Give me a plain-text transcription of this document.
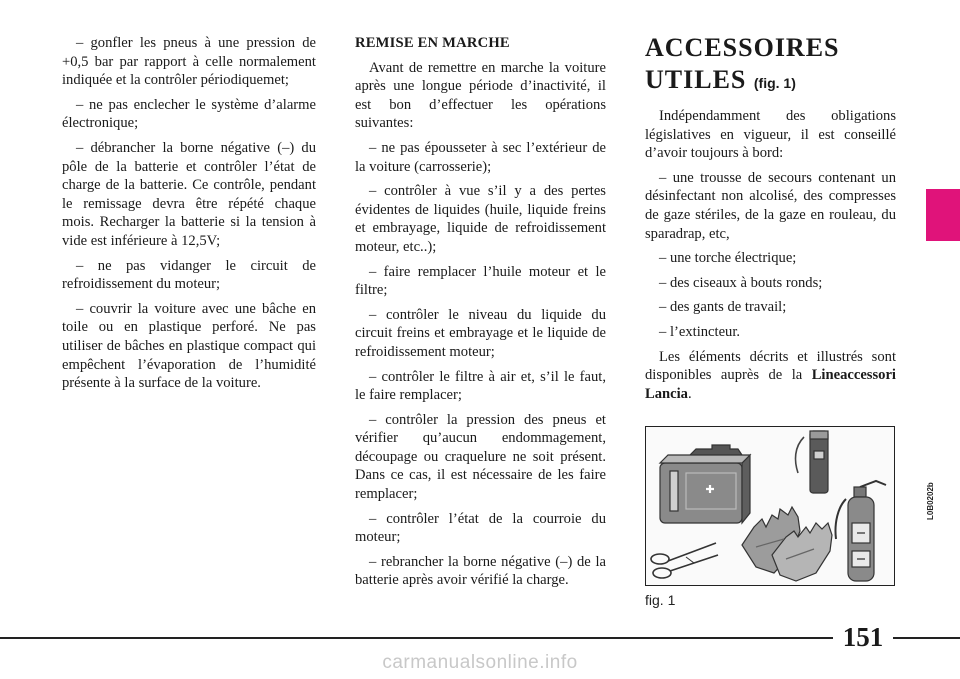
– gonfler les pneus à une pression de +0,5 bar par rapport à celle normalement indiquée et la contrôler périodiquemet;

– ne pas enclecher le système d’alarme électronique;

– débrancher la borne négative (–) du pôle de la batterie et contrôler l’état de charge de la batterie. Ce contrôle, pendant le remissage devra être répété chaque mois. Recharger la batterie si la tension à vide est inférieure à 12,5V;

– ne pas vidanger le circuit de refroidissement du moteur;

– couvrir la voiture avec une bâche en toile ou en plastique perforé. Ne pas utiliser de bâches en plastique compact qui empêchent l’évaporation de l’humidité présente à la surface de la voiture.

REMISE EN MARCHE

Avant de remettre en marche la voiture après une longue période d’inactivité, il est bon d’effectuer les opérations suivantes:

– ne pas épousseter à sec l’extérieur de la voiture (carrosserie);

– contrôler à vue s’il y a des pertes évidentes de liquides (huile, liquide freins et embrayage, liquide de refroidissement moteur, etc..);

– faire remplacer l’huile moteur et le filtre;

– contrôler le niveau du liquide du circuit freins et embrayage et le liquide de refroidissement moteur;

– contrôler le filtre à air et, s’il le faut, le faire remplacer;

– contrôler la pression des pneus et vérifier qu’aucun endommagement, découpage ou craquelure ne soit présent. Dans ce cas, il est nécessaire de les faire remplacer;

– contrôler l’état de la courroie du moteur;

– rebrancher la borne négative (–) de la batterie après avoir vérifié la charge.

ACCESSOIRES
UTILES (fig. 1)

Indépendamment des obligations législatives en vigueur, il est conseillé d’avoir toujours à bord:

– une trousse de secours contenant un désinfectant non alcolisé, des compresses de gaze stériles, de la gaze en rouleau, du sparadrap, etc,

– une torche électrique;

– des ciseaux à bouts ronds;

– des gants de travail;

– l’extincteur.

Les éléments décrits et illustrés sont disponibles auprès de la Lineaccessori Lancia.

L0B0202b
fig. 1
151
carmanualsonline.info
